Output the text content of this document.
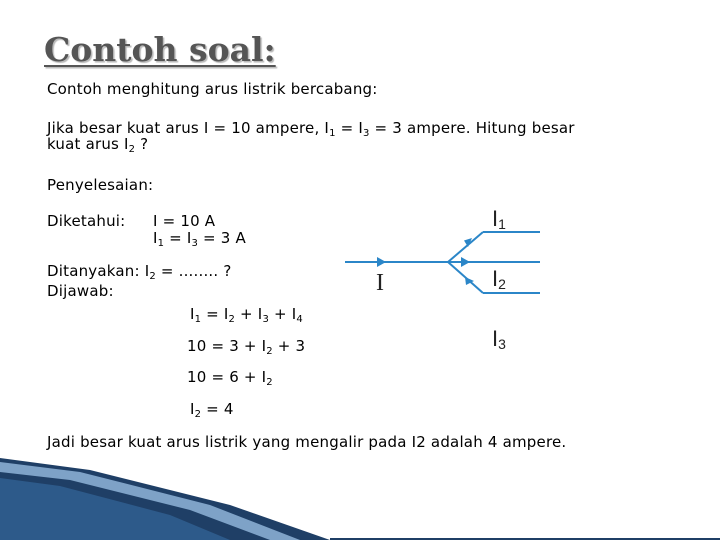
Contoh soal:
Contoh menghitung arus listrik bercabang:
Jika besar kuat arus I = 10 ampere, $I_1 = I_3 = 3$ ampere. Hitung besar
kuat arus $I_2$ ?
Penyelesaian:
Diketahui: I = 10 A
$I_1 = I_3 = 3$ A
Ditanyakan: $I_2$ = ........ ?
Dijawab:
$I_1 = I_2 + I_3 + I_4$
$10 = 3 + I_2 + 3$
$10 = 6 + I_2$
$I_2 = 4$
Jadi besar kuat arus listrik yang mengalir pada I2 adalah 4 ampere.
I
$I_1$
$I_2$
$I_3$
